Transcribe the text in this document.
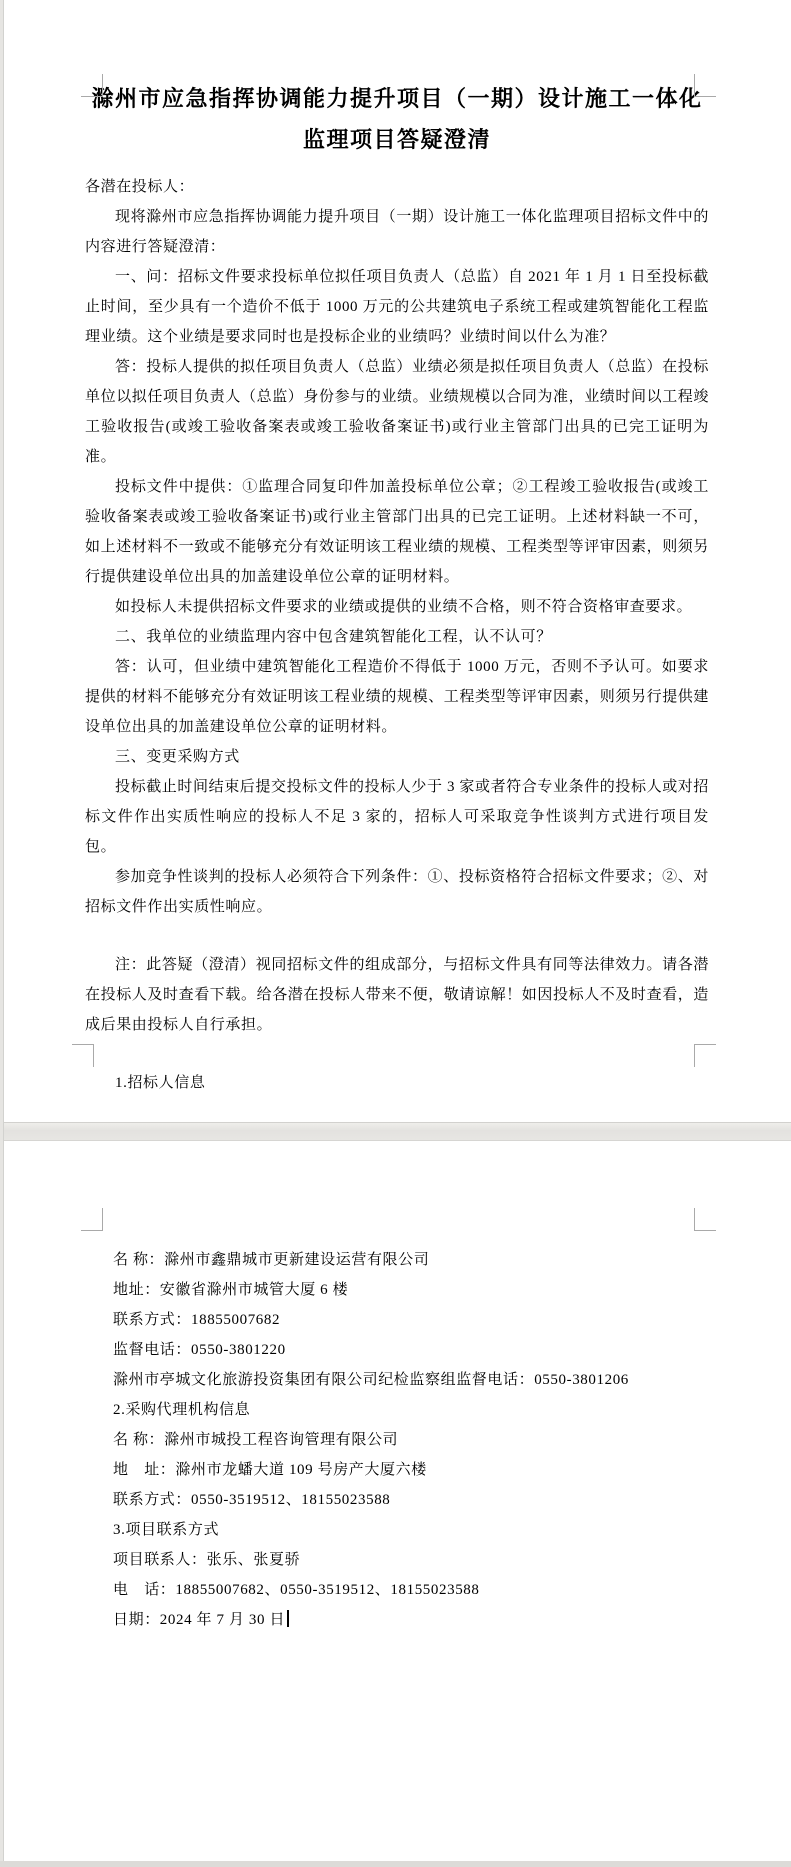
滁州市应急指挥协调能力提升项目（一期）设计施工一体化
监理项目答疑澄清

各潜在投标人：

现将滁州市应急指挥协调能力提升项目（一期）设计施工一体化监理项目招标文件中的内容进行答疑澄清：

一、问：招标文件要求投标单位拟任项目负责人（总监）自 2021 年 1 月 1 日至投标截止时间，至少具有一个造价不低于 1000 万元的公共建筑电子系统工程或建筑智能化工程监理业绩。这个业绩是要求同时也是投标企业的业绩吗？业绩时间以什么为准？

答：投标人提供的拟任项目负责人（总监）业绩必须是拟任项目负责人（总监）在投标单位以拟任项目负责人（总监）身份参与的业绩。业绩规模以合同为准，业绩时间以工程竣工验收报告(或竣工验收备案表或竣工验收备案证书)或行业主管部门出具的已完工证明为准。

投标文件中提供：①监理合同复印件加盖投标单位公章；②工程竣工验收报告(或竣工验收备案表或竣工验收备案证书)或行业主管部门出具的已完工证明。上述材料缺一不可，如上述材料不一致或不能够充分有效证明该工程业绩的规模、工程类型等评审因素，则须另行提供建设单位出具的加盖建设单位公章的证明材料。

如投标人未提供招标文件要求的业绩或提供的业绩不合格，则不符合资格审查要求。

二、我单位的业绩监理内容中包含建筑智能化工程，认不认可？

答：认可，但业绩中建筑智能化工程造价不得低于 1000 万元，否则不予认可。如要求提供的材料不能够充分有效证明该工程业绩的规模、工程类型等评审因素，则须另行提供建设单位出具的加盖建设单位公章的证明材料。

三、变更采购方式

投标截止时间结束后提交投标文件的投标人少于 3 家或者符合专业条件的投标人或对招标文件作出实质性响应的投标人不足 3 家的，招标人可采取竞争性谈判方式进行项目发包。

参加竞争性谈判的投标人必须符合下列条件：①、投标资格符合招标文件要求；②、对招标文件作出实质性响应。

注：此答疑（澄清）视同招标文件的组成部分，与招标文件具有同等法律效力。请各潜在投标人及时查看下载。给各潜在投标人带来不便，敬请谅解！如因投标人不及时查看，造成后果由投标人自行承担。

1.招标人信息

名 称：滁州市鑫鼎城市更新建设运营有限公司

地址：安徽省滁州市城管大厦 6 楼

联系方式：18855007682

监督电话：0550-3801220

滁州市亭城文化旅游投资集团有限公司纪检监察组监督电话：0550-3801206

2.采购代理机构信息

名 称：滁州市城投工程咨询管理有限公司

地　址：滁州市龙蟠大道 109 号房产大厦六楼

联系方式：0550-3519512、18155023588

3.项目联系方式

项目联系人：张乐、张夏骄

电　话：18855007682、0550-3519512、18155023588

日期：2024 年 7 月 30 日
